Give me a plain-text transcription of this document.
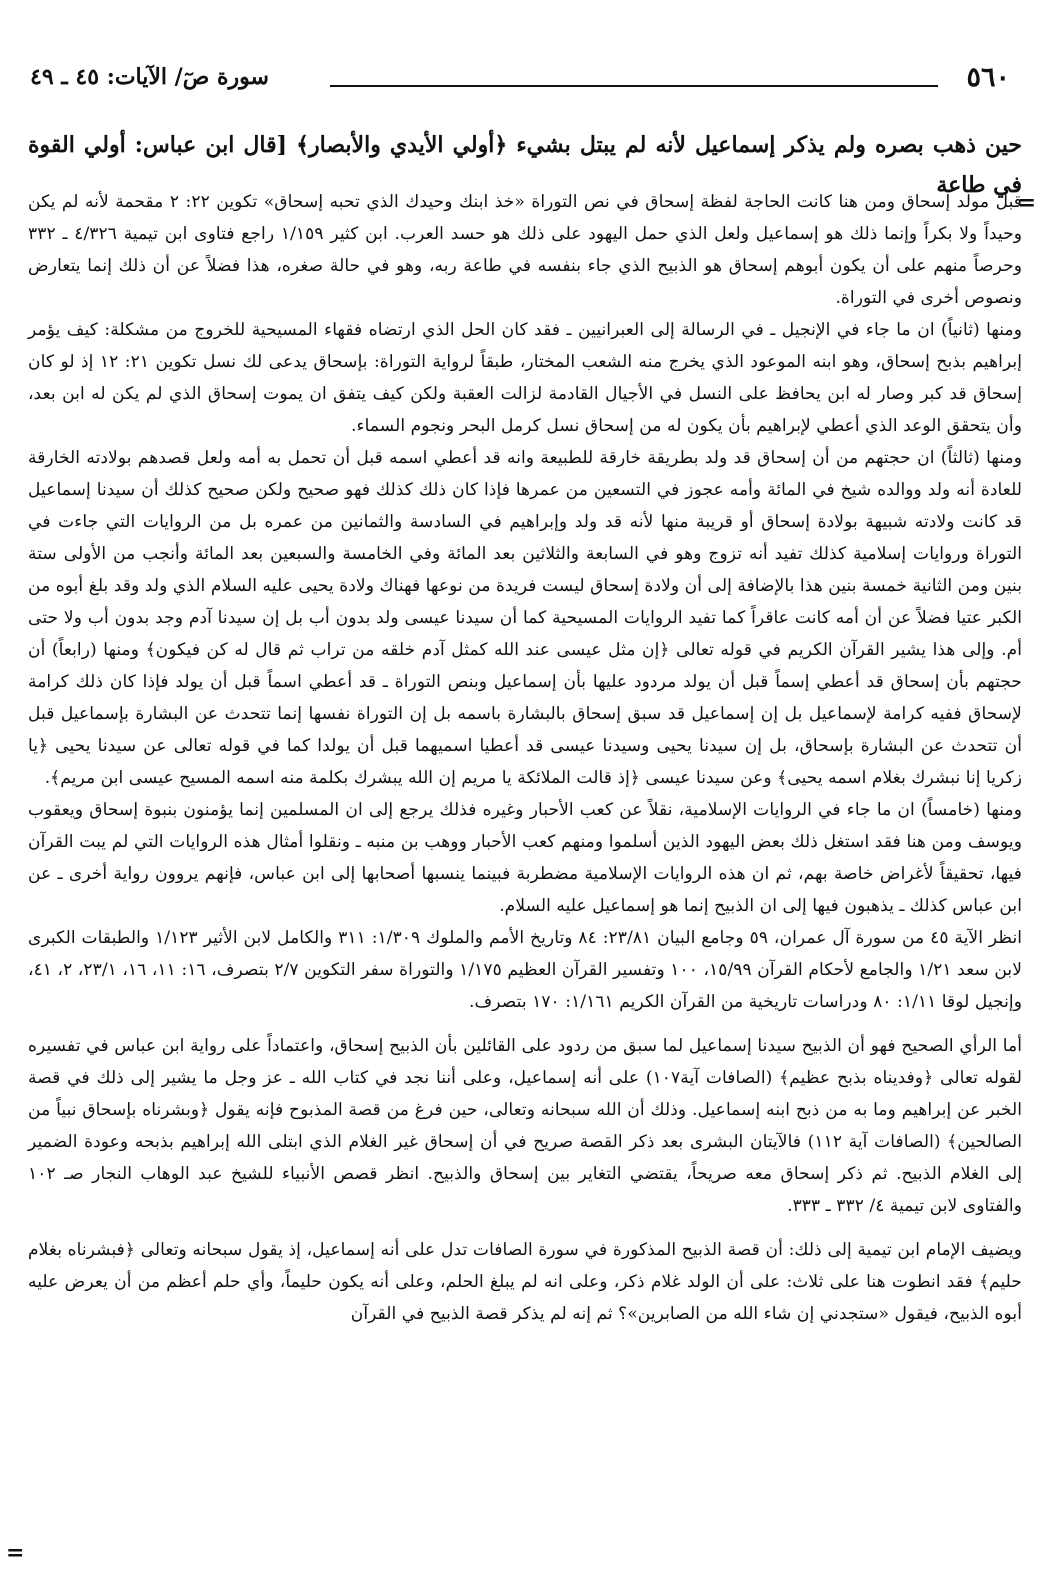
٥٦٠
سورة صٓ/ الآيات: ٤٥ ـ ٤٩
حين ذهب بصره ولم يذكر إسماعيل لأنه لم يبتل بشيء ﴿أولي الأيدي والأبصار﴾ [قال ابن عباس: أولي القوة في طاعة
=

قبل مولد إسحاق ومن هنا كانت الحاجة لفظة إسحاق في نص التوراة «خذ ابنك وحيدك الذي تحبه إسحاق» تكوين ٢٢: ٢ مقحمة لأنه لم يكن وحيداً ولا بكراً وإنما ذلك هو إسماعيل ولعل الذي حمل اليهود على ذلك هو حسد العرب. ابن كثير ١/١٥٩ راجع فتاوى ابن تيمية ٤/٣٢٦ ـ ٣٣٢ وحرصاً منهم على أن يكون أبوهم إسحاق هو الذبيح الذي جاء بنفسه في طاعة ربه، وهو في حالة صغره، هذا فضلاً عن أن ذلك إنما يتعارض ونصوص أخرى في التوراة.

ومنها (ثانياً) ان ما جاء في الإنجيل ـ في الرسالة إلى العبرانيين ـ فقد كان الحل الذي ارتضاه فقهاء المسيحية للخروج من مشكلة: كيف يؤمر إبراهيم بذبح إسحاق، وهو ابنه الموعود الذي يخرج منه الشعب المختار، طبقاً لرواية التوراة: بإسحاق يدعى لك نسل تكوين ٢١: ١٢ إذ لو كان إسحاق قد كبر وصار له ابن يحافظ على النسل في الأجيال القادمة لزالت العقبة ولكن كيف يتفق ان يموت إسحاق الذي لم يكن له ابن بعد، وأن يتحقق الوعد الذي أعطي لإبراهيم بأن يكون له من إسحاق نسل كرمل البحر ونجوم السماء.

ومنها (ثالثاً) ان حجتهم من أن إسحاق قد ولد بطريقة خارقة للطبيعة وانه قد أعطي اسمه قبل أن تحمل به أمه ولعل قصدهم بولادته الخارقة للعادة أنه ولد ووالده شيخ في المائة وأمه عجوز في التسعين من عمرها فإذا كان ذلك كذلك فهو صحيح ولكن صحيح كذلك أن سيدنا إسماعيل قد كانت ولادته شبيهة بولادة إسحاق أو قريبة منها لأنه قد ولد وإبراهيم في السادسة والثمانين من عمره بل من الروايات التي جاءت في التوراة وروايات إسلامية كذلك تفيد أنه تزوج وهو في السابعة والثلاثين بعد المائة وفي الخامسة والسبعين بعد المائة وأنجب من الأولى ستة بنين ومن الثانية خمسة بنين هذا بالإضافة إلى أن ولادة إسحاق ليست فريدة من نوعها فهناك ولادة يحيى عليه السلام الذي ولد وقد بلغ أبوه من الكبر عتيا فضلاً عن أن أمه كانت عاقراً كما تفيد الروايات المسيحية كما أن سيدنا عيسى ولد بدون أب بل إن سيدنا آدم وجد بدون أب ولا حتى أم. وإلى هذا يشير القرآن الكريم في قوله تعالى ﴿إن مثل عيسى عند الله كمثل آدم خلقه من تراب ثم قال له كن فيكون﴾ ومنها (رابعاً) أن حجتهم بأن إسحاق قد أعطي إسماً قبل أن يولد مردود عليها بأن إسماعيل وبنص التوراة ـ قد أعطي اسماً قبل أن يولد فإذا كان ذلك كرامة لإسحاق ففيه كرامة لإسماعيل بل إن إسماعيل قد سبق إسحاق بالبشارة باسمه بل إن التوراة نفسها إنما تتحدث عن البشارة بإسماعيل قبل أن تتحدث عن البشارة بإسحاق، بل إن سيدنا يحيى وسيدنا عيسى قد أعطيا اسميهما قبل أن يولدا كما في قوله تعالى عن سيدنا يحيى ﴿يا زكريا إنا نبشرك بغلام اسمه يحيى﴾ وعن سيدنا عيسى ﴿إذ قالت الملائكة يا مريم إن الله يبشرك بكلمة منه اسمه المسيح عيسى ابن مريم﴾.

ومنها (خامساً) ان ما جاء في الروايات الإسلامية، نقلاً عن كعب الأحبار وغيره فذلك يرجع إلى ان المسلمين إنما يؤمنون بنبوة إسحاق ويعقوب ويوسف ومن هنا فقد استغل ذلك بعض اليهود الذين أسلموا ومنهم كعب الأحبار ووهب بن منبه ـ ونقلوا أمثال هذه الروايات التي لم يبت القرآن فيها، تحقيقاً لأغراض خاصة بهم، ثم ان هذه الروايات الإسلامية مضطربة فبينما ينسبها أصحابها إلى ابن عباس، فإنهم يروون رواية أخرى ـ عن ابن عباس كذلك ـ يذهبون فيها إلى ان الذبيح إنما هو إسماعيل عليه السلام.

انظر الآية ٤٥ من سورة آل عمران، ٥٩ وجامع البيان ٢٣/٨١: ٨٤ وتاريخ الأمم والملوك ١/٣٠٩: ٣١١ والكامل لابن الأثير ١/١٢٣ والطبقات الكبرى لابن سعد ١/٢١ والجامع لأحكام القرآن ١٥/٩٩، ١٠٠ وتفسير القرآن العظيم ١/١٧٥ والتوراة سفر التكوين ٢/٧ بتصرف، ١٦: ١١، ١٦، ٢٣/١، ٢، ٤١، وإنجيل لوقا ١/١١: ٨٠ ودراسات تاريخية من القرآن الكريم ١/١٦١: ١٧٠ بتصرف.

أما الرأي الصحيح فهو أن الذبيح سيدنا إسماعيل لما سبق من ردود على القائلين بأن الذبيح إسحاق، واعتماداً على رواية ابن عباس في تفسيره لقوله تعالى ﴿وفديناه بذبح عظيم﴾ (الصافات آية١٠٧) على أنه إسماعيل، وعلى أننا نجد في كتاب الله ـ عز وجل ما يشير إلى ذلك في قصة الخبر عن إبراهيم وما به من ذبح ابنه إسماعيل. وذلك أن الله سبحانه وتعالى، حين فرغ من قصة المذبوح فإنه يقول ﴿وبشرناه بإسحاق نبياً من الصالحين﴾ (الصافات آية ١١٢) فالآيتان البشرى بعد ذكر القصة صريح في أن إسحاق غير الغلام الذي ابتلى الله إبراهيم بذبحه وعودة الضمير إلى الغلام الذبيح. ثم ذكر إسحاق معه صريحاً، يقتضي التغاير بين إسحاق والذبيح. انظر قصص الأنبياء للشيخ عبد الوهاب النجار صـ ١٠٢ والفتاوى لابن تيمية ٤/ ٣٣٢ ـ ٣٣٣.

ويضيف الإمام ابن تيمية إلى ذلك: أن قصة الذبيح المذكورة في سورة الصافات تدل على أنه إسماعيل، إذ يقول سبحانه وتعالى ﴿فبشرناه بغلام حليم﴾ فقد انطوت هنا على ثلاث: على أن الولد غلام ذكر، وعلى انه لم يبلغ الحلم، وعلى أنه يكون حليماً، وأي حلم أعظم من أن يعرض عليه أبوه الذبيح، فيقول «ستجدني إن شاء الله من الصابرين»؟ ثم إنه لم يذكر قصة الذبيح في القرآن

=
